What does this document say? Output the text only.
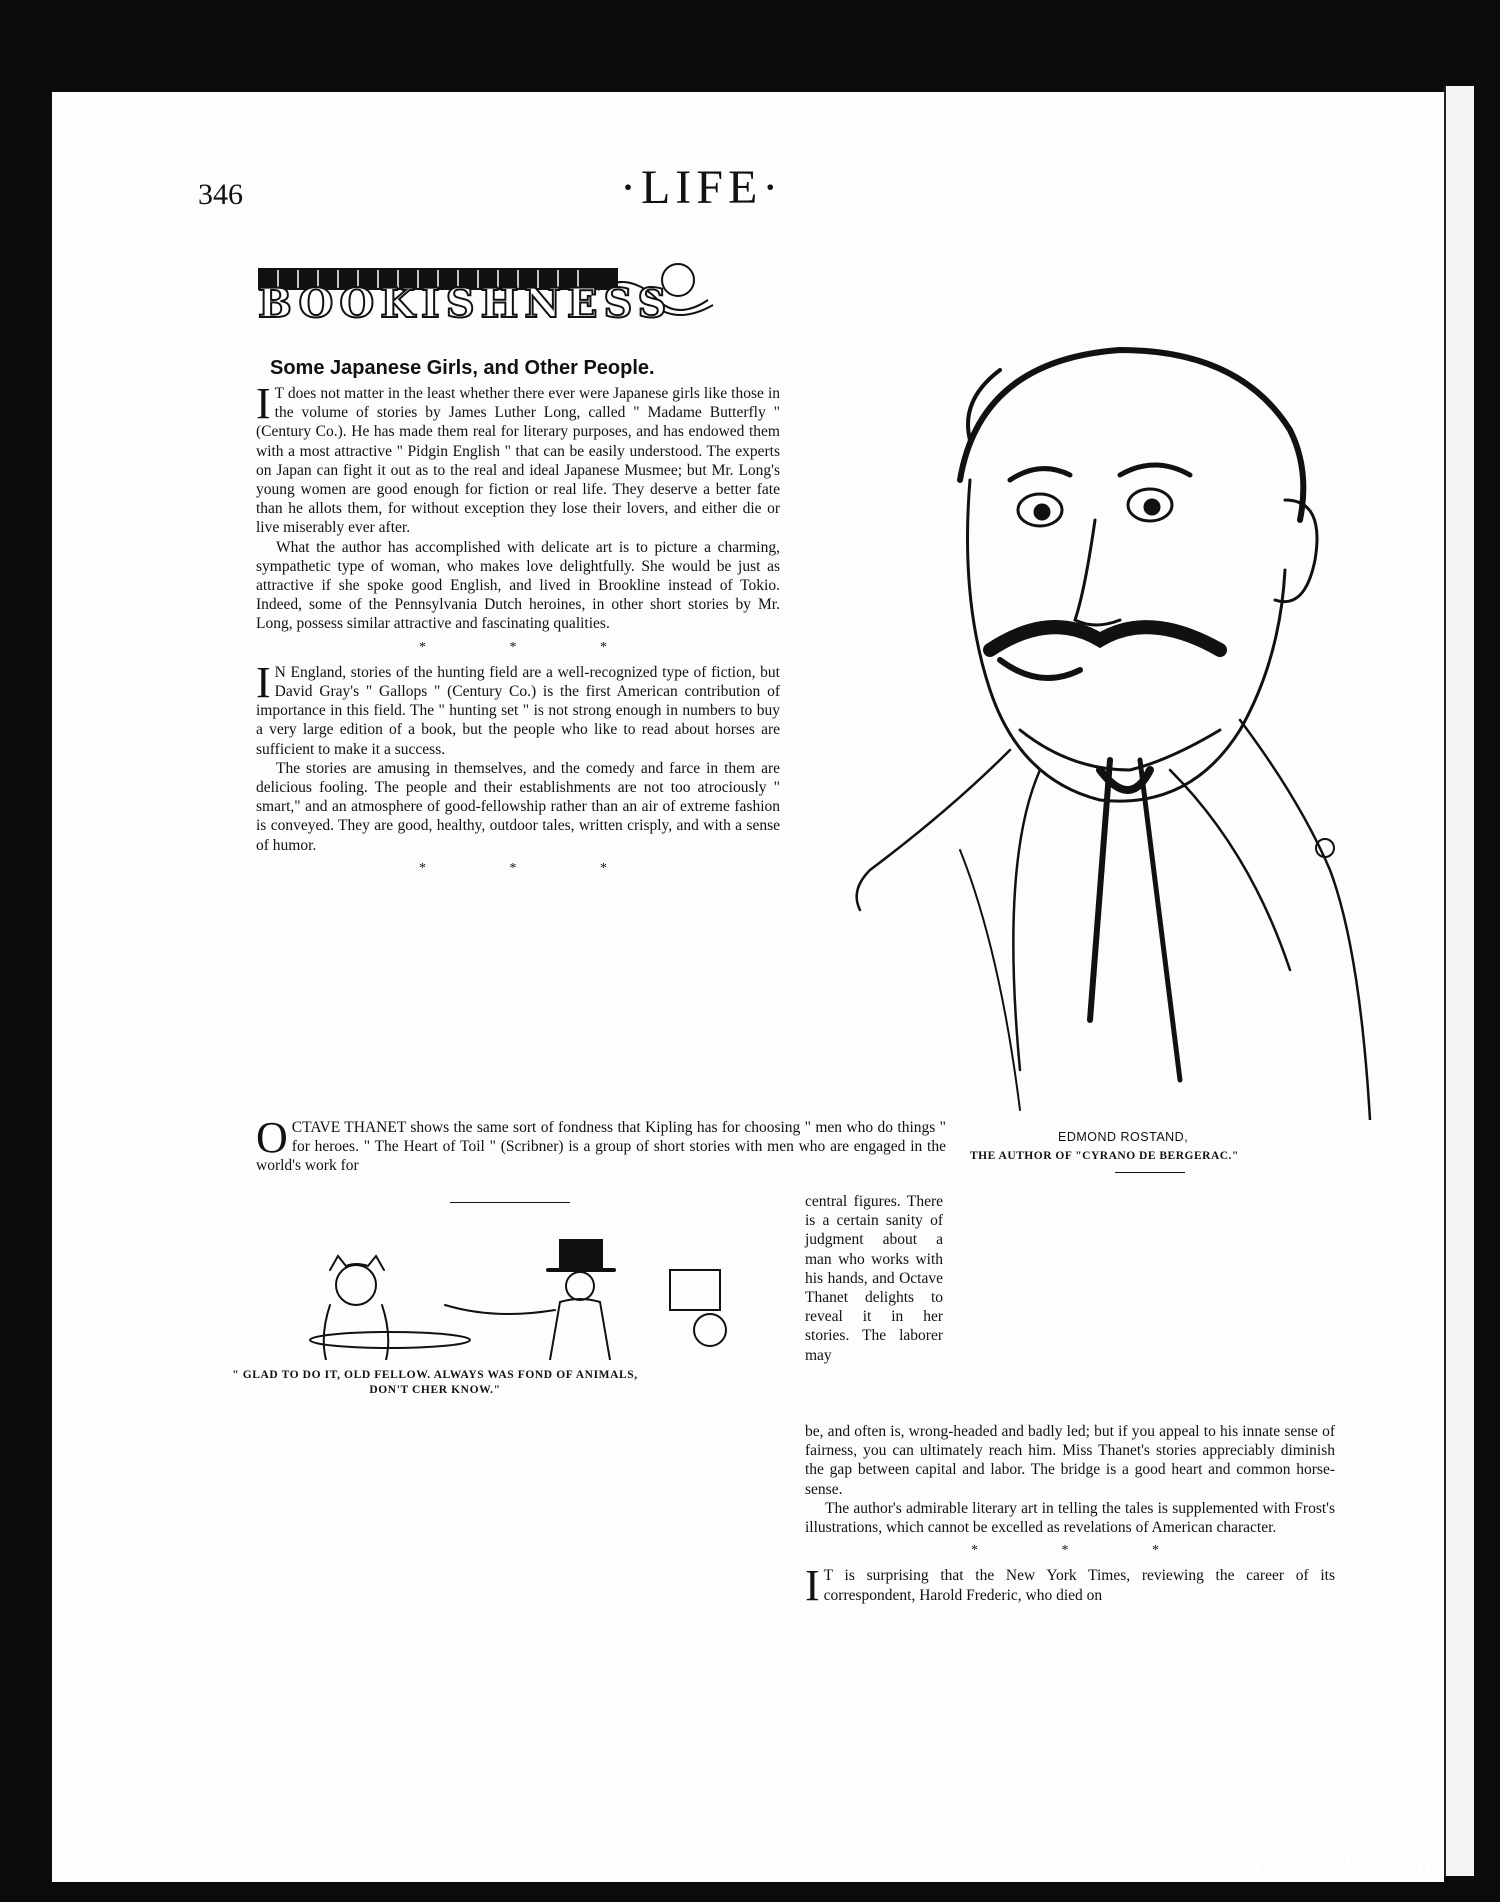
346	·LIFE·
BOOKISHNESS
Some Japanese Girls, and Other People.

I T does not matter in the least whether there ever were Japanese girls like those in the volume of stories by James Luther Long, called " Madame Butterfly " (Century Co.). He has made them real for literary purposes, and has endowed them with a most attractive " Pidgin English " that can be easily understood. The experts on Japan can fight it out as to the real and ideal Japanese Musmee; but Mr. Long's young women are good enough for fiction or real life. They deserve a better fate than he allots them, for without exception they lose their lovers, and either die or live miserably ever after.

What the author has accomplished with delicate art is to picture a charming, sympathetic type of woman, who makes love delightfully. She would be just as attractive if she spoke good English, and lived in Brookline instead of Tokio. Indeed, some of the Pennsylvania Dutch heroines, in other short stories by Mr. Long, possess similar attractive and fascinating qualities.

* * *

I N England, stories of the hunting field are a well-recognized type of fiction, but David Gray's " Gallops " (Century Co.) is the first American contribution of importance in this field. The " hunting set " is not strong enough in numbers to buy a very large edition of a book, but the people who like to read about horses are sufficient to make it a success.

The stories are amusing in themselves, and the comedy and farce in them are delicious fooling. The people and their establishments are not too atrociously " smart," and an atmosphere of good-fellowship rather than an air of extreme fashion is conveyed. They are good, healthy, outdoor tales, written crisply, and with a sense of humor.

* * *

OCTAVE THANET shows the same sort of fondness that Kipling has for choosing " men who do things " for heroes. " The Heart of Toil " (Scribner) is a group of short stories with men who are engaged in the world's work for

central figures. There is a certain sanity of judgment about a man who works with his hands, and Octave Thanet delights to reveal it in her stories. The laborer may

be, and often is, wrong-headed and badly led; but if you appeal to his innate sense of fairness, you can ultimately reach him. Miss Thanet's stories appreciably diminish the gap between capital and labor. The bridge is a good heart and common horse-sense.

The author's admirable literary art in telling the tales is supplemented with Frost's illustrations, which cannot be excelled as revelations of American character.

* * *

I T is surprising that the New York Times, reviewing the career of its correspondent, Harold Frederic, who died on

EDMOND ROSTAND,
THE AUTHOR OF "CYRANO DE BERGERAC."
" GLAD TO DO IT, OLD FELLOW. ALWAYS WAS FOND OF ANIMALS, DON'T CHER KNOW."
comicbooks.com
